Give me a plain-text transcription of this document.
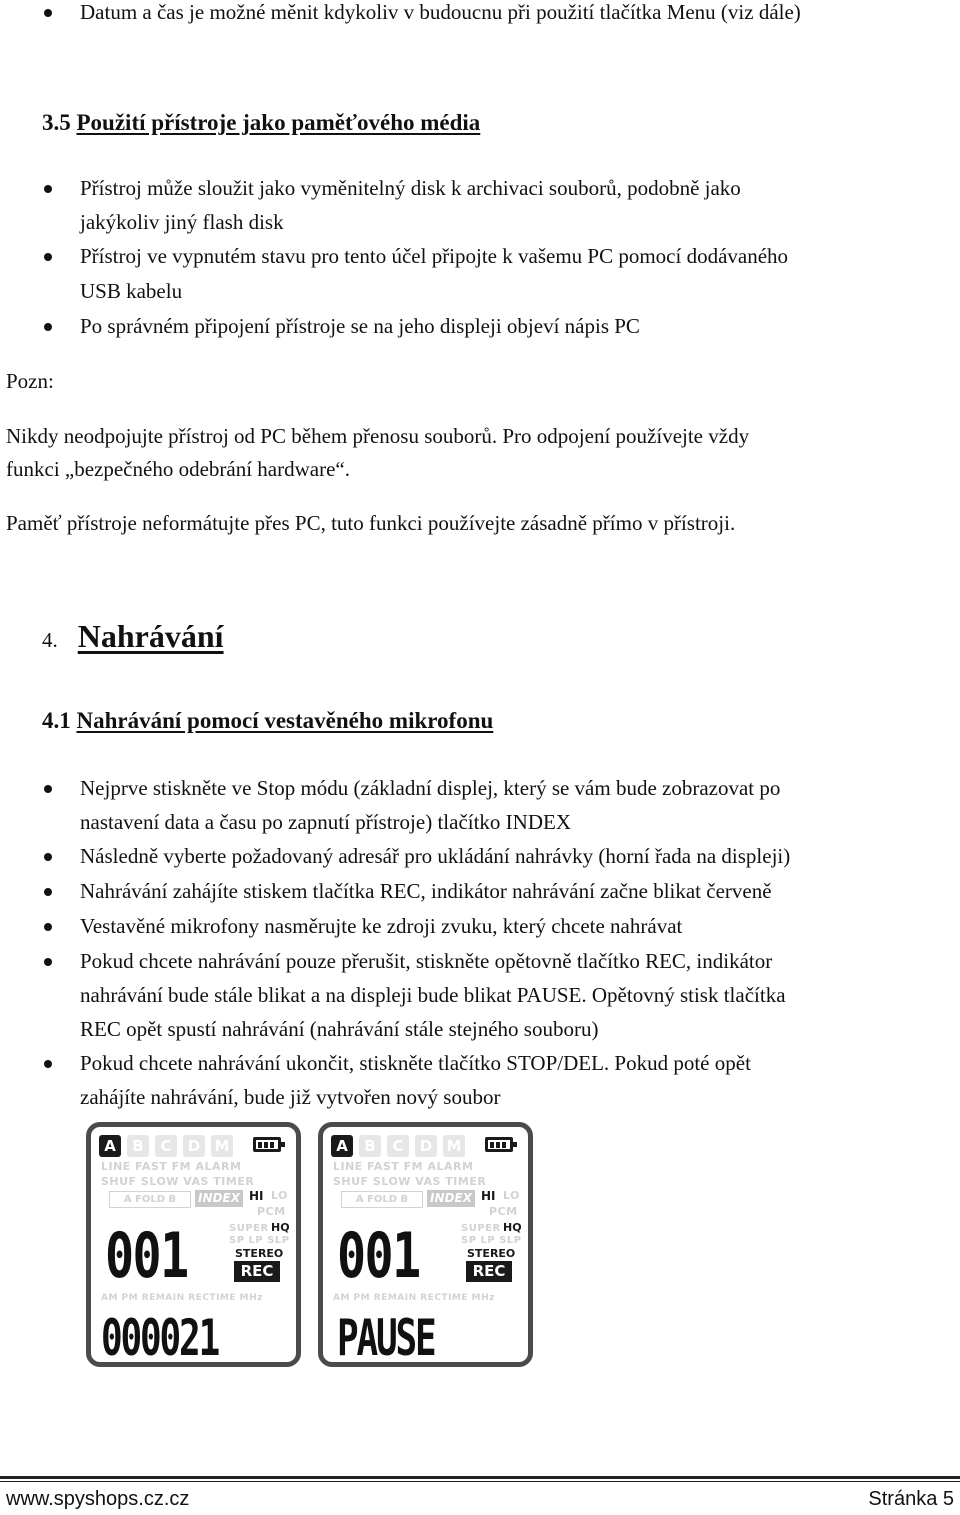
Datum a čas je možné měnit kdykoliv v budoucnu při použití tlačítka Menu (viz dále)
3.5 Použití přístroje jako paměťového média
Přístroj může sloužit jako vyměnitelný disk k archivaci souborů, podobně jako
jakýkoliv jiný flash disk
Přístroj ve vypnutém stavu pro tento účel připojte k vašemu PC pomocí dodávaného
USB kabelu
Po správném připojení přístroje se na jeho displeji objeví nápis PC
Pozn:
Nikdy neodpojujte přístroj od PC během přenosu souborů. Pro odpojení používejte vždy
funkci „bezpečného odebrání hardware“.
Paměť přístroje neformátujte přes PC, tuto funkci používejte zásadně přímo v přístroji.
4. Nahrávání
4.1 Nahrávání pomocí vestavěného mikrofonu
Nejprve stiskněte ve Stop módu (základní displej, který se vám bude zobrazovat po
nastavení data a času po zapnutí přístroje) tlačítko INDEX
Následně vyberte požadovaný adresář pro ukládání nahrávky (horní řada na displeji)
Nahrávání zahájíte stiskem tlačítka REC, indikátor nahrávání začne blikat červeně
Vestavěné mikrofony nasměrujte ke zdroji zvuku, který chcete nahrávat
Pokud chcete nahrávání pouze přerušit, stiskněte opětovně tlačítko REC, indikátor
nahrávání bude stále blikat a na displeji bude blikat PAUSE. Opětovný stisk tlačítka
REC opět spustí nahrávání (nahrávání stále stejného souboru)
Pokud chcete nahrávání ukončit, stiskněte tlačítko STOP/DEL. Pokud poté opět
zahájíte nahrávání, bude již vytvořen nový soubor
A	B	C	D M
LINE FAST FM ALARM
SHUF SLOW VAS TIMER
A FOLD B	INDEX HI LO
PCM
SUPER HQ
SP LP SLP
STEREO
REC
001
AM PM REMAIN RECTIME MHz
000021
A	B	C	D M
LINE FAST FM ALARM
SHUF SLOW VAS TIMER
A FOLD B	INDEX HI LO
PCM
SUPER HQ
SP LP SLP
STEREO
REC
001
AM PM REMAIN RECTIME MHz
PAUSE
www.spyshops.cz.cz	Stránka 5
